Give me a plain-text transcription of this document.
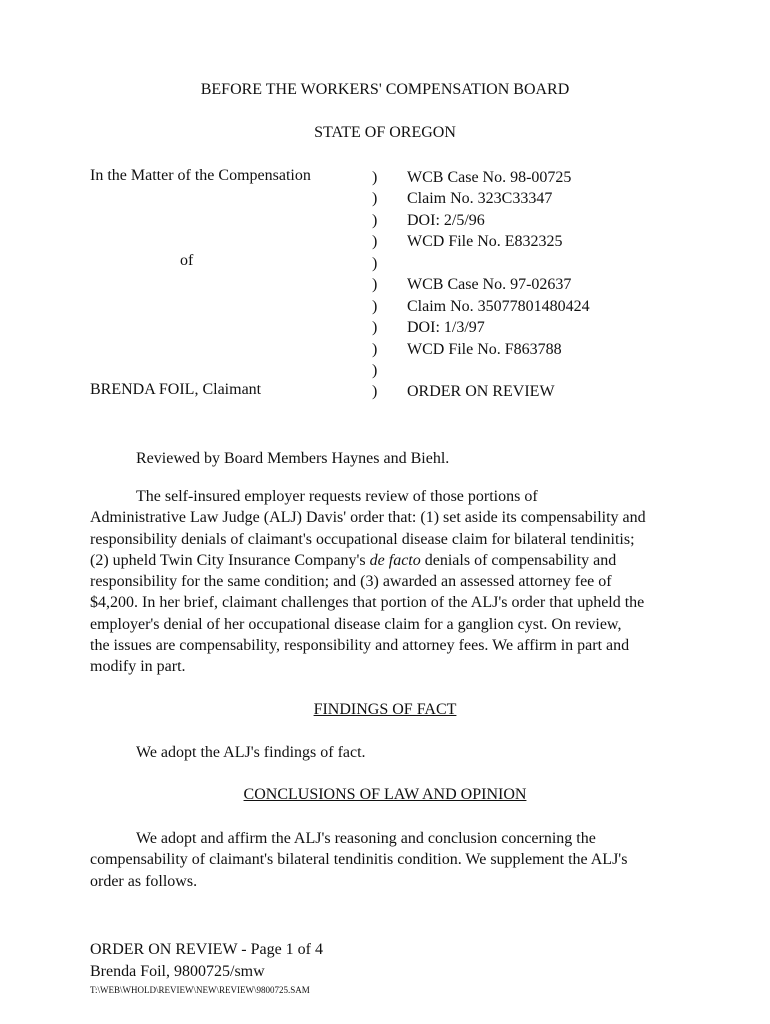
BEFORE THE WORKERS' COMPENSATION BOARD
STATE OF OREGON
In the Matter of the Compensation
of
BRENDA FOIL, Claimant
)
)
)
)
)
)
)
)
)
)
)
WCB Case No. 98-00725
Claim No. 323C33347
DOI: 2/5/96
WCD File No. E832325
WCB Case No. 97-02637
Claim No. 35077801480424
DOI: 1/3/97
WCD File No. F863788
ORDER ON REVIEW
Reviewed by Board Members Haynes and Biehl.
The self-insured employer requests review of those portions of
Administrative Law Judge (ALJ) Davis' order that: (1) set aside its compensability and
responsibility denials of claimant's occupational disease claim for bilateral tendinitis;
(2) upheld Twin City Insurance Company's de facto denials of compensability and
responsibility for the same condition; and (3) awarded an assessed attorney fee of
$4,200. In her brief, claimant challenges that portion of the ALJ's order that upheld the
employer's denial of her occupational disease claim for a ganglion cyst. On review,
the issues are compensability, responsibility and attorney fees. We affirm in part and
modify in part.
FINDINGS OF FACT
We adopt the ALJ's findings of fact.
CONCLUSIONS OF LAW AND OPINION
We adopt and affirm the ALJ's reasoning and conclusion concerning the
compensability of claimant's bilateral tendinitis condition. We supplement the ALJ's
order as follows.
ORDER ON REVIEW - Page 1 of 4
Brenda Foil, 9800725/smw
T:\WEB\WHOLD\REVIEW\NEW\REVIEW\9800725.SAM
